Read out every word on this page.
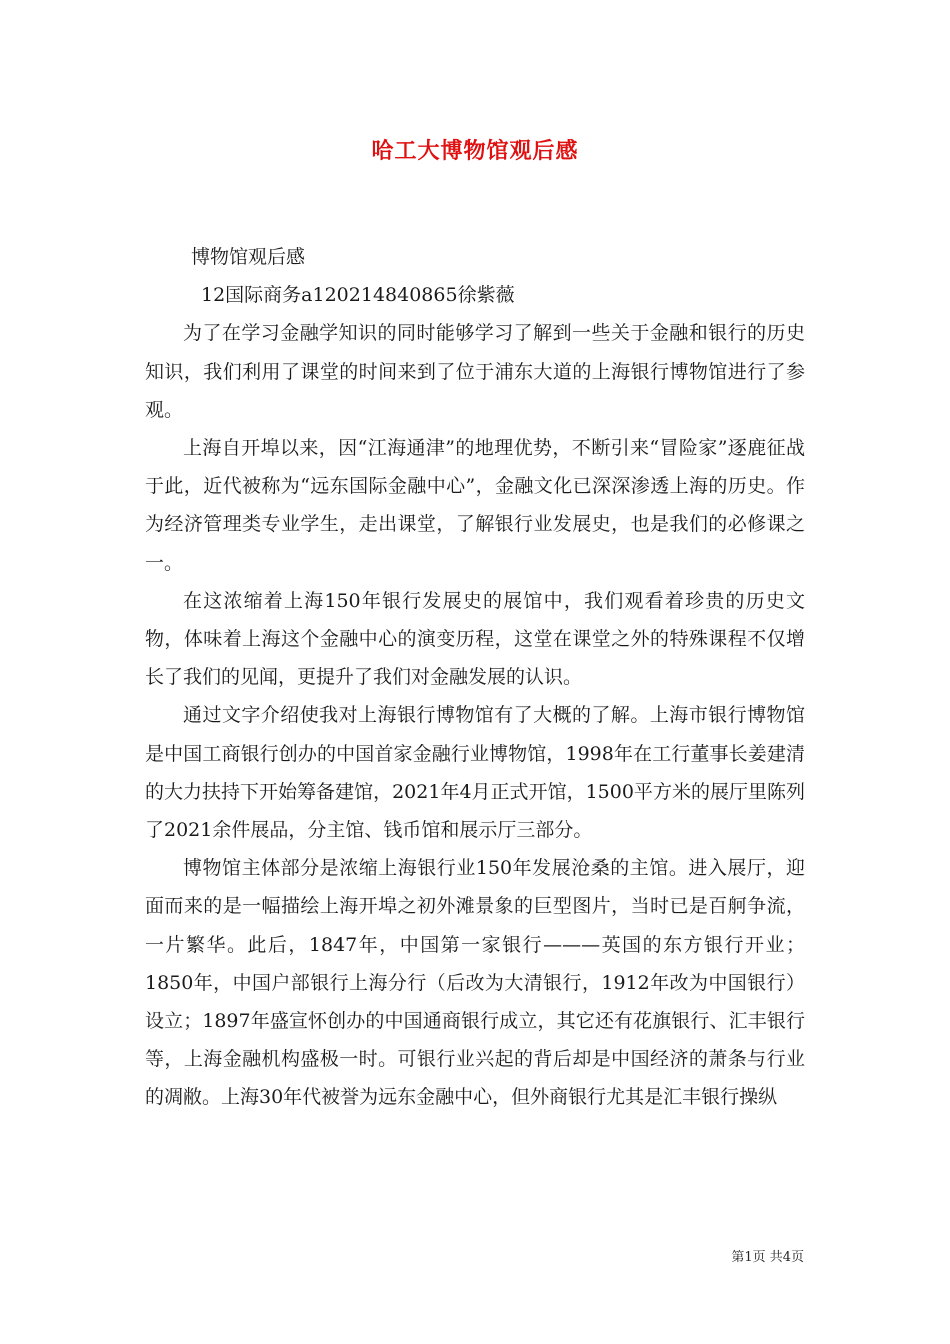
哈工大博物馆观后感

博物馆观后感

12国际商务a120214840865徐紫薇

为了在学习金融学知识的同时能够学习了解到一些关于金融和银行的历史知识，我们利用了课堂的时间来到了位于浦东大道的上海银行博物馆进行了参观。

上海自开埠以来，因“江海通津”的地理优势，不断引来“冒险家”逐鹿征战于此，近代被称为“远东国际金融中心”，金融文化已深深渗透上海的历史。作为经济管理类专业学生，走出课堂，了解银行业发展史，也是我们的必修课之一。

在这浓缩着上海150年银行发展史的展馆中，我们观看着珍贵的历史文物，体味着上海这个金融中心的演变历程，这堂在课堂之外的特殊课程不仅增长了我们的见闻，更提升了我们对金融发展的认识。

通过文字介绍使我对上海银行博物馆有了大概的了解。上海市银行博物馆是中国工商银行创办的中国首家金融行业博物馆，1998年在工行董事长姜建清的大力扶持下开始筹备建馆，2021年4月正式开馆，1500平方米的展厅里陈列了2021余件展品，分主馆、钱币馆和展示厅三部分。

博物馆主体部分是浓缩上海银行业150年发展沧桑的主馆。进入展厅，迎面而来的是一幅描绘上海开埠之初外滩景象的巨型图片，当时已是百舸争流，一片繁华。此后，1847年，中国第一家银行———英国的东方银行开业；1850年，中国户部银行上海分行（后改为大清银行，1912年改为中国银行）设立；1897年盛宣怀创办的中国通商银行成立，其它还有花旗银行、汇丰银行等，上海金融机构盛极一时。可银行业兴起的背后却是中国经济的萧条与行业的凋敝。上海30年代被誉为远东金融中心，但外商银行尤其是汇丰银行操纵

第1页 共4页
